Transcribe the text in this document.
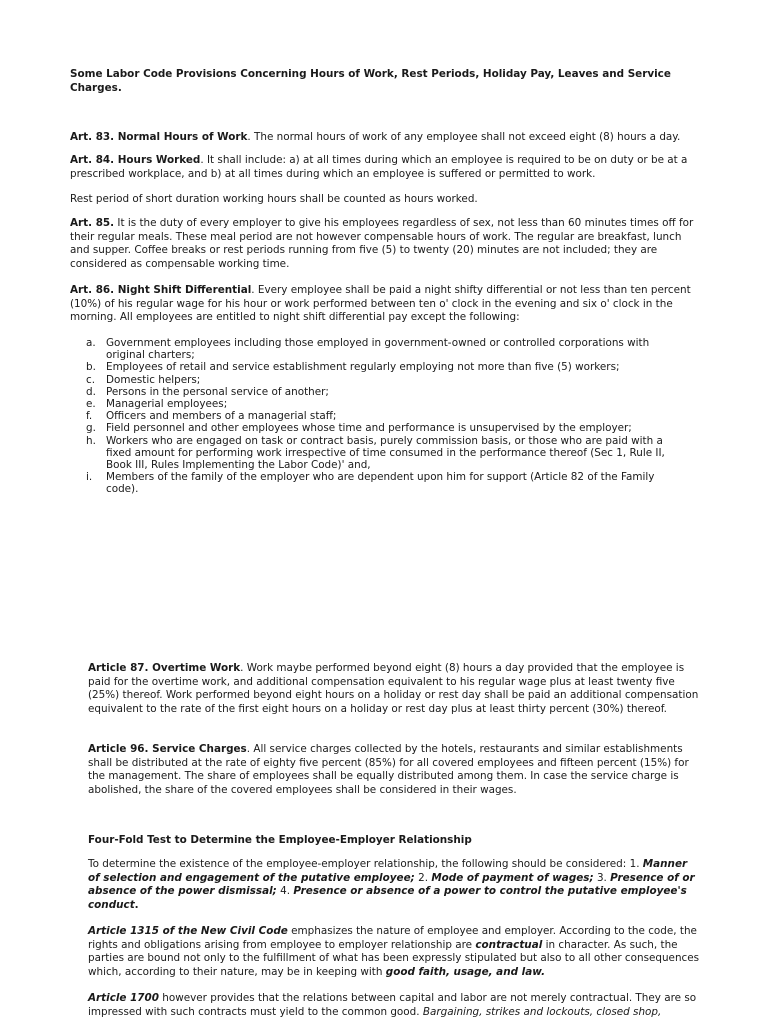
Some Labor Code Provisions Concerning Hours of Work, Rest Periods, Holiday Pay, Leaves and Service Charges.

Art. 83. Normal Hours of Work. The normal hours of work of any employee shall not exceed eight (8) hours a day.

Art. 84. Hours Worked. It shall include: a) at all times during which an employee is required to be on duty or be at a prescribed workplace, and b) at all times during which an employee is suffered or permitted to work.

Rest period of short duration working hours shall be counted as hours worked.

Art. 85. It is the duty of every employer to give his employees regardless of sex, not less than 60 minutes times off for their regular meals. These meal period are not however compensable hours of work. The regular are breakfast, lunch and supper. Coffee breaks or rest periods running from five (5) to twenty (20) minutes are not included; they are considered as compensable working time.

Art. 86. Night Shift Differential. Every employee shall be paid a night shifty differential or not less than ten percent (10%) of his regular wage for his hour or work performed between ten o' clock in the evening and six o' clock in the morning. All employees are entitled to night shift differential pay except the following:

a. Government employees including those employed in government-owned or controlled corporations with original charters;
b. Employees of retail and service establishment regularly employing not more than five (5) workers;
c. Domestic helpers;
d. Persons in the personal service of another;
e. Managerial employees;
f. Officers and members of a managerial staff;
g. Field personnel and other employees whose time and performance is unsupervised by the employer;
h. Workers who are engaged on task or contract basis, purely commission basis, or those who are paid with a fixed amount for performing work irrespective of time consumed in the performance thereof (Sec 1, Rule II, Book III, Rules Implementing the Labor Code)' and,
i. Members of the family of the employer who are dependent upon him for support (Article 82 of the Family code).

Article 87. Overtime Work. Work maybe performed beyond eight (8) hours a day provided that the employee is paid for the overtime work, and additional compensation equivalent to his regular wage plus at least twenty five (25%) thereof. Work performed beyond eight hours on a holiday or rest day shall be paid an additional compensation equivalent to the rate of the first eight hours on a holiday or rest day plus at least thirty percent (30%) thereof.

Article 96. Service Charges. All service charges collected by the hotels, restaurants and similar establishments shall be distributed at the rate of eighty five percent (85%) for all covered employees and fifteen percent (15%) for the management. The share of employees shall be equally distributed among them. In case the service charge is abolished, the share of the covered employees shall be considered in their wages.

Four-Fold Test to Determine the Employee-Employer Relationship

To determine the existence of the employee-employer relationship, the following should be considered: 1. Manner of selection and engagement of the putative employee; 2. Mode of payment of wages; 3. Presence of or absence of the power dismissal; 4. Presence or absence of a power to control the putative employee's conduct.

Article 1315 of the New Civil Code emphasizes the nature of employee and employer. According to the code, the rights and obligations arising from employee to employer relationship are contractual in character. As such, the parties are bound not only to the fulfillment of what has been expressly stipulated but also to all other consequences which, according to their nature, may be in keeping with good faith, usage, and law.

Article 1700 however provides that the relations between capital and labor are not merely contractual. They are so impressed with such contracts must yield to the common good. Bargaining, strikes and lockouts, closed shop,
